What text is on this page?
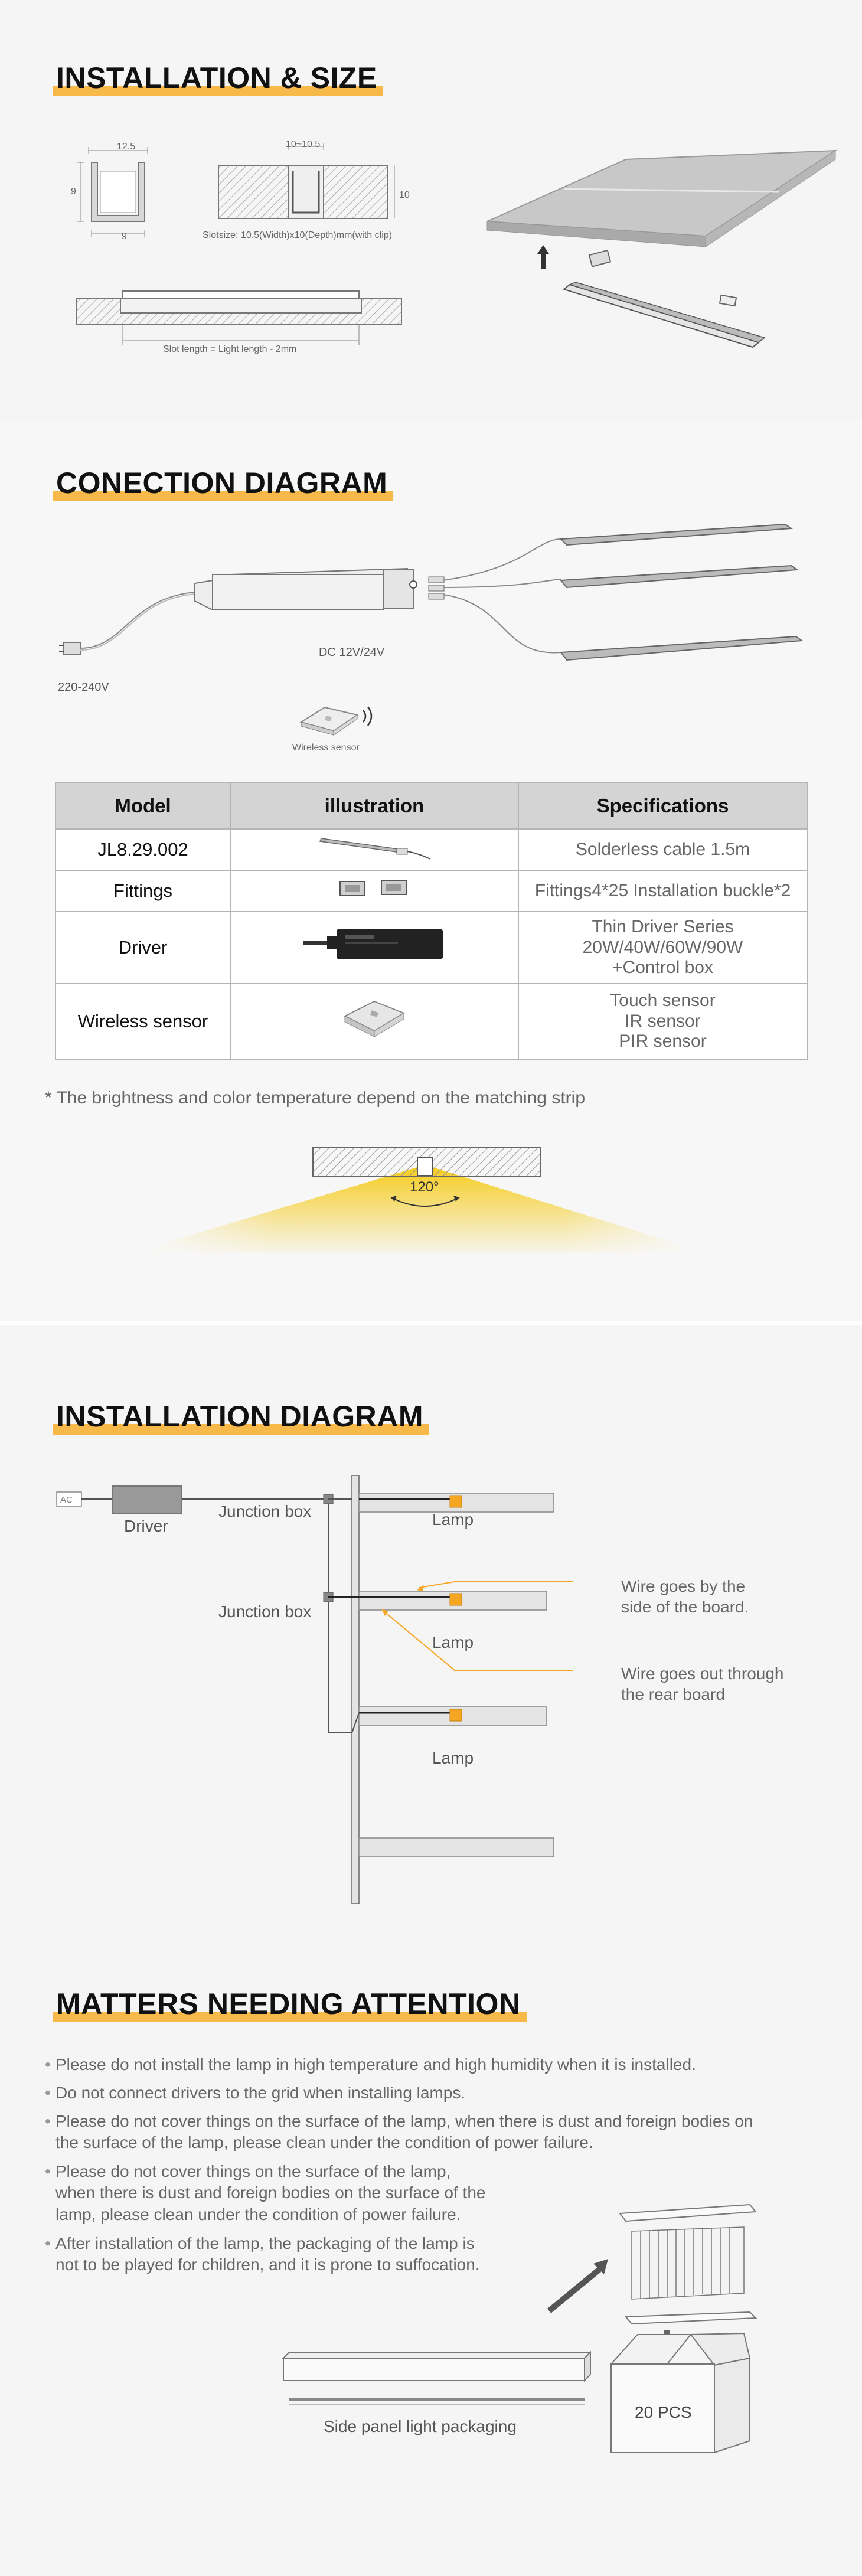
INSTALLATION & SIZE
12.5
9
9
10~10.5
10
Slotsize: 10.5(Width)x10(Depth)mm(with clip)
Slot length = Light length - 2mm
CONECTION DIAGRAM
220-240V
DC 12V/24V
Wireless sensor
Model	illustration	Specifications
JL8.29.002		Solderless cable 1.5m
Fittings		Fittings4*25 Installation buckle*2
Driver		Thin Driver Series
20W/40W/60W/90W
+Control box

Wireless sensor		Touch sensor
IR sensor
PIR sensor
* The brightness and color temperature depend on the matching strip
120°
INSTALLATION DIAGRAM
AC
Driver
Junction box
Junction box
Lamp
Lamp
Lamp
Wire goes by the
side of the board.
Wire goes out through
the rear board
MATTERS NEEDING ATTENTION
• Please do not install the lamp in high temperature and high humidity when it is installed.
• Do not connect drivers to the grid when installing lamps.
• Please do not cover things on the surface of the lamp, when there is dust and foreign bodies on
the surface of the lamp, please clean under the condition of power failure.
• Please do not cover things on the surface of the lamp,
when there is dust and foreign bodies on the surface of the
lamp, please clean under the condition of power failure.
• After installation of the lamp, the packaging of the lamp is
not to be played for children, and it is prone to suffocation.
Side panel light packaging
20 PCS
